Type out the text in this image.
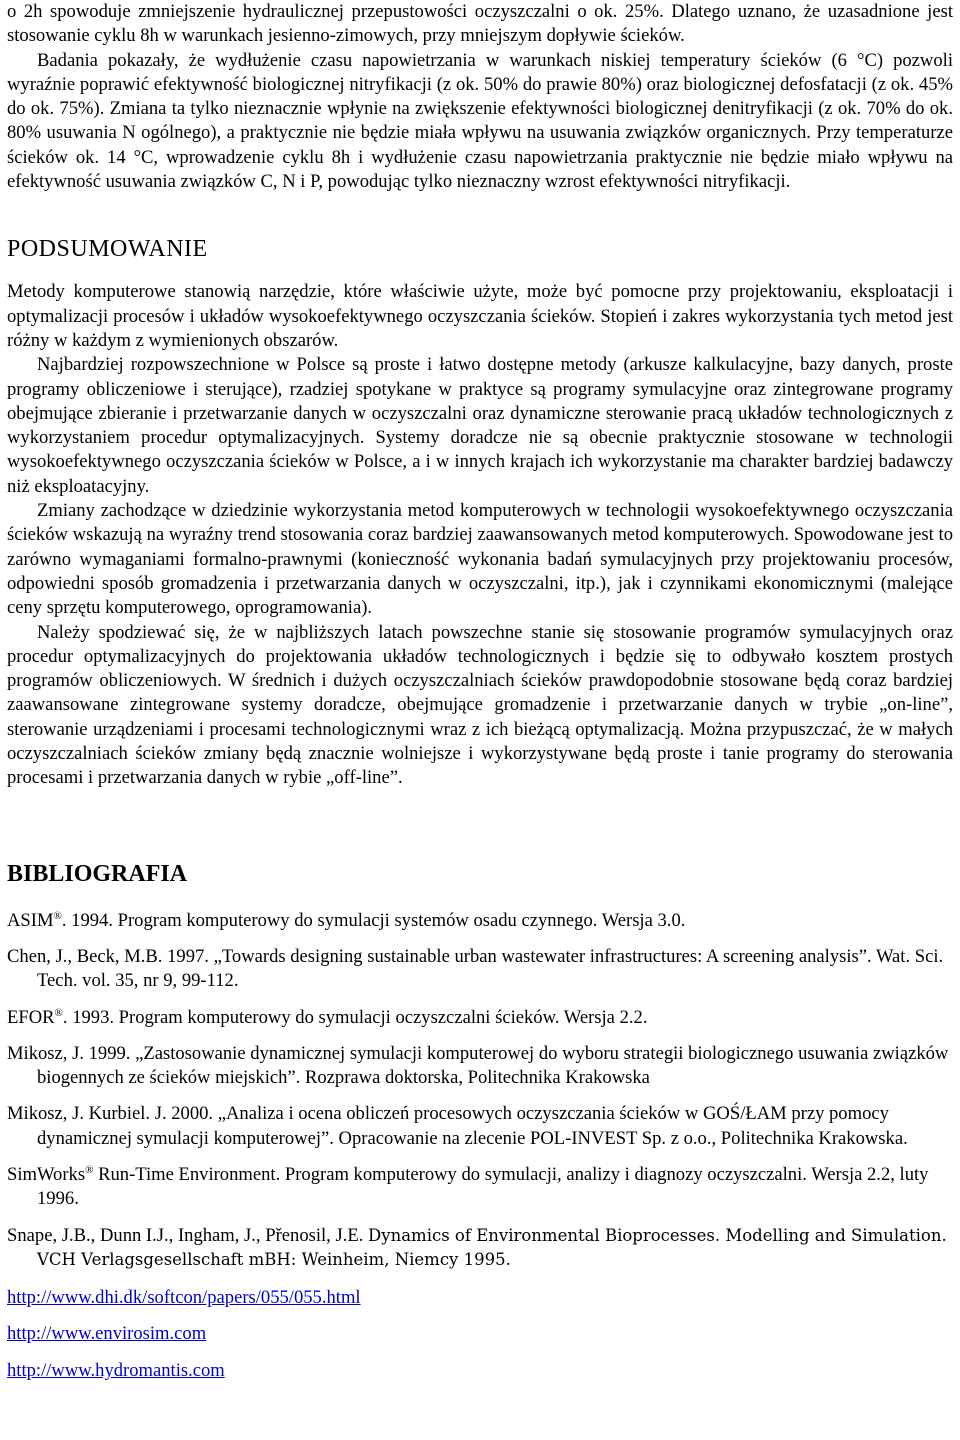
o 2h spowoduje zmniejszenie hydraulicznej przepustowości oczyszczalni o ok. 25%. Dlatego uznano, że uzasadnione jest stosowanie cyklu 8h w warunkach jesienno-zimowych, przy mniejszym dopływie ścieków.

Badania pokazały, że wydłużenie czasu napowietrzania w warunkach niskiej temperatury ścieków (6 °C) pozwoli wyraźnie poprawić efektywność biologicznej nitryfikacji (z ok. 50% do prawie 80%) oraz biologicznej defosfatacji (z ok. 45% do ok. 75%). Zmiana ta tylko nieznacznie wpłynie na zwiększenie efektywności biologicznej denitryfikacji (z ok. 70% do ok. 80% usuwania N ogólnego), a praktycznie nie będzie miała wpływu na usuwania związków organicznych. Przy temperaturze ścieków ok. 14 °C, wprowadzenie cyklu 8h i wydłużenie czasu napowietrzania praktycznie nie będzie miało wpływu na efektywność usuwania związków C, N i P, powodując tylko nieznaczny wzrost efektywności nitryfikacji.

PODSUMOWANIE

Metody komputerowe stanowią narzędzie, które właściwie użyte, może być pomocne przy projektowaniu, eksploatacji i optymalizacji procesów i układów wysokoefektywnego oczyszczania ścieków. Stopień i zakres wykorzystania tych metod jest różny w każdym z wymienionych obszarów.

Najbardziej rozpowszechnione w Polsce są proste i łatwo dostępne metody (arkusze kalkulacyjne, bazy danych, proste programy obliczeniowe i sterujące), rzadziej spotykane w praktyce są programy symulacyjne oraz zintegrowane programy obejmujące zbieranie i przetwarzanie danych w oczyszczalni oraz dynamiczne sterowanie pracą układów technologicznych z wykorzystaniem procedur optymalizacyjnych. Systemy doradcze nie są obecnie praktycznie stosowane w technologii wysokoefektywnego oczyszczania ścieków w Polsce, a i w innych krajach ich wykorzystanie ma charakter bardziej badawczy niż eksploatacyjny.

Zmiany zachodzące w dziedzinie wykorzystania metod komputerowych w technologii wysokoefektywnego oczyszczania ścieków wskazują na wyraźny trend stosowania coraz bardziej zaawansowanych metod komputerowych. Spowodowane jest to zarówno wymaganiami formalno-prawnymi (konieczność wykonania badań symulacyjnych przy projektowaniu procesów, odpowiedni sposób gromadzenia i przetwarzania danych w oczyszczalni, itp.), jak i czynnikami ekonomicznymi (malejące ceny sprzętu komputerowego, oprogramowania).

Należy spodziewać się, że w najbliższych latach powszechne stanie się stosowanie programów symulacyjnych oraz procedur optymalizacyjnych do projektowania układów technologicznych i będzie się to odbywało kosztem prostych programów obliczeniowych. W średnich i dużych oczyszczalniach ścieków prawdopodobnie stosowane będą coraz bardziej zaawansowane zintegrowane systemy doradcze, obejmujące gromadzenie i przetwarzanie danych w trybie „on-line”, sterowanie urządzeniami i procesami technologicznymi wraz z ich bieżącą optymalizacją. Można przypuszczać, że w małych oczyszczalniach ścieków zmiany będą znacznie wolniejsze i wykorzystywane będą proste i tanie programy do sterowania procesami i przetwarzania danych w rybie „off-line”.

BIBLIOGRAFIA

ASIM®. 1994. Program komputerowy do symulacji systemów osadu czynnego. Wersja 3.0.

Chen, J., Beck, M.B. 1997. „Towards designing sustainable urban wastewater infrastructures: A screening analysis”. Wat. Sci. Tech. vol. 35, nr 9, 99-112.

EFOR®. 1993. Program komputerowy do symulacji oczyszczalni ścieków. Wersja 2.2.

Mikosz, J. 1999. „Zastosowanie dynamicznej symulacji komputerowej do wyboru strategii biologicznego usuwania związków biogennych ze ścieków miejskich”. Rozprawa doktorska, Politechnika Krakowska

Mikosz, J. Kurbiel. J. 2000. „Analiza i ocena obliczeń procesowych oczyszczania ścieków w GOŚ/ŁAM przy pomocy dynamicznej symulacji komputerowej”. Opracowanie na zlecenie POL-INVEST Sp. z o.o., Politechnika Krakowska.

SimWorks® Run-Time Environment. Program komputerowy do symulacji, analizy i diagnozy oczyszczalni. Wersja 2.2, luty 1996.

Snape, J.B., Dunn I.J., Ingham, J., Přenosil, J.E. Dynamics of Environmental Bioprocesses. Modelling and Simulation. VCH Verlagsgesellschaft mBH: Weinheim, Niemcy 1995.

http://www.dhi.dk/softcon/papers/055/055.html

http://www.envirosim.com

http://www.hydromantis.com
